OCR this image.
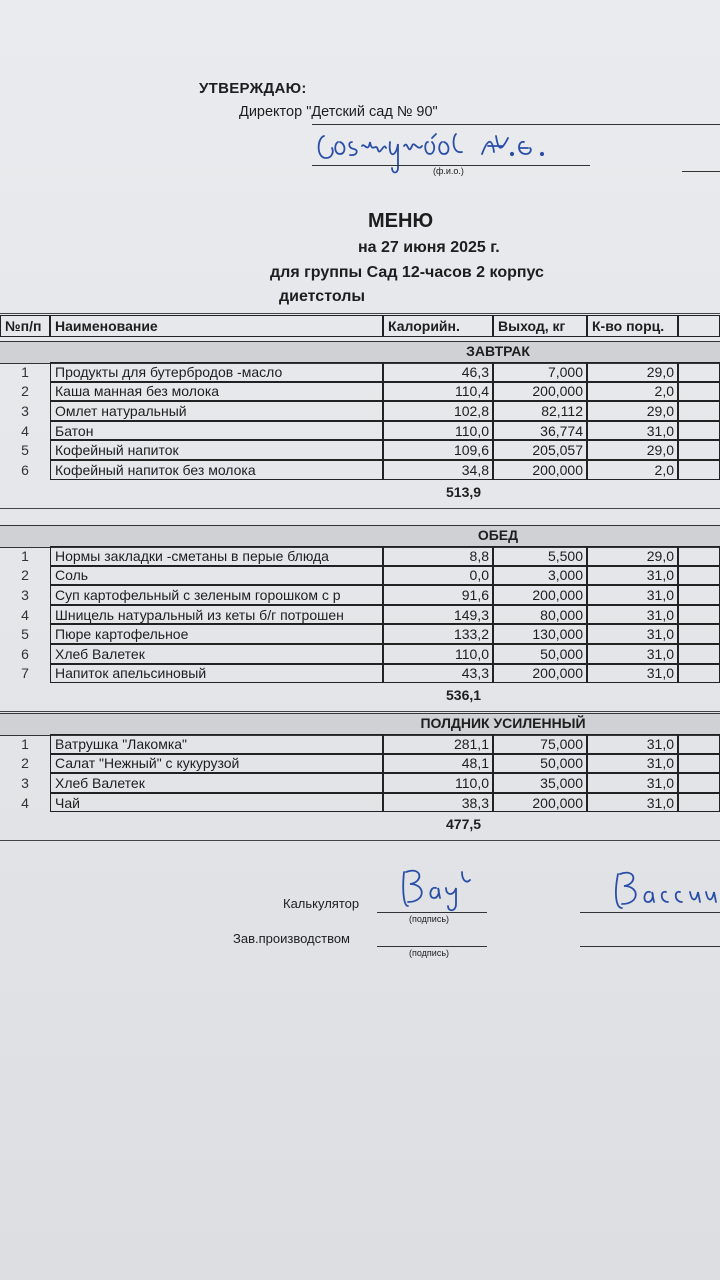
УТВЕРЖДАЮ:
Директор "Детский сад № 90"
(ф.и.о.)
МЕНЮ
на 27 июня 2025 г.
для группы Сад 12-часов 2 корпус
диетстолы
№п/п Наименование	Калорийн.	Выход, кг	К-во порц.
ЗАВТРАК
1	Продукты для бутербродов -масло	46,3	7,000	29,0
2	Каша манная без молока	110,4	200,000	2,0
3	Омлет натуральный	102,8	82,112	29,0
4	Батон	110,0	36,774	31,0
5	Кофейный напиток	109,6	205,057	29,0
6	Кофейный напиток без молока	34,8	200,000	2,0
513,9
ОБЕД
1	Нормы закладки -сметаны в перые блюда	8,8	5,500	29,0
2	Соль	0,0	3,000	31,0
3	Суп картофельный с зеленым горошком с р	91,6	200,000	31,0
4	Шницель натуральный из кеты б/г потрошен	149,3	80,000	31,0
5	Пюре картофельное	133,2	130,000	31,0
6	Хлеб Валетек	110,0	50,000	31,0
7	Напиток апельсиновый	43,3	200,000	31,0
536,1
ПОЛДНИК УСИЛЕННЫЙ
1	Ватрушка "Лакомка"	281,1	75,000	31,0
2	Салат "Нежный" с кукурузой	48,1	50,000	31,0
3	Хлеб Валетек	110,0	35,000	31,0
4	Чай	38,3	200,000	31,0
477,5
Калькулятор
(подпись)
Зав.производством
(подпись)
